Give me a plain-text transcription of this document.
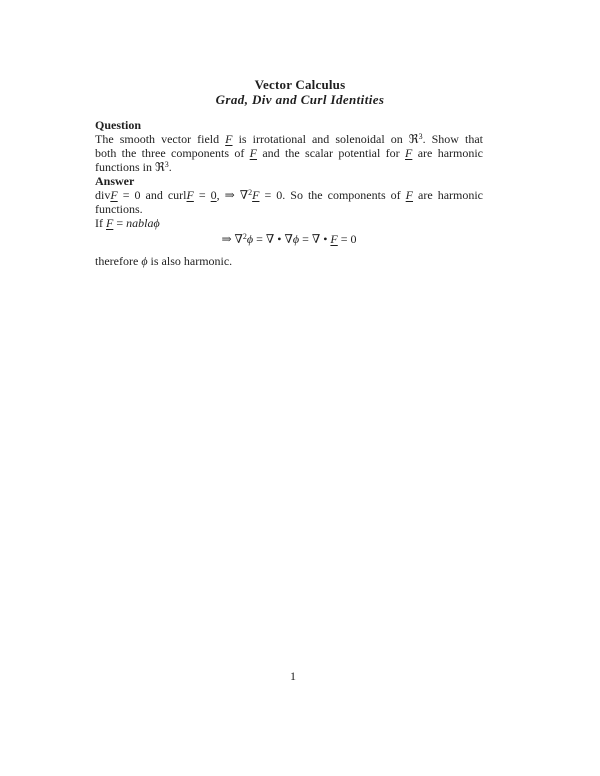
Vector Calculus
Grad, Div and Curl Identities
Question
The smooth vector field F is irrotational and solenoidal on ℜ$^3$. Show that
both the three components of F and the scalar potential for F are harmonic
functions in ℜ$^3$.
Answer
divF = 0 and curlF = 0, ⇒ ∇$^2$F = 0. So the components of F are harmonic
functions.
If F = nablaϕ
⇒ ∇$^2$ϕ = ∇ • ∇ϕ = ∇ • F = 0
therefore ϕ is also harmonic.
1
